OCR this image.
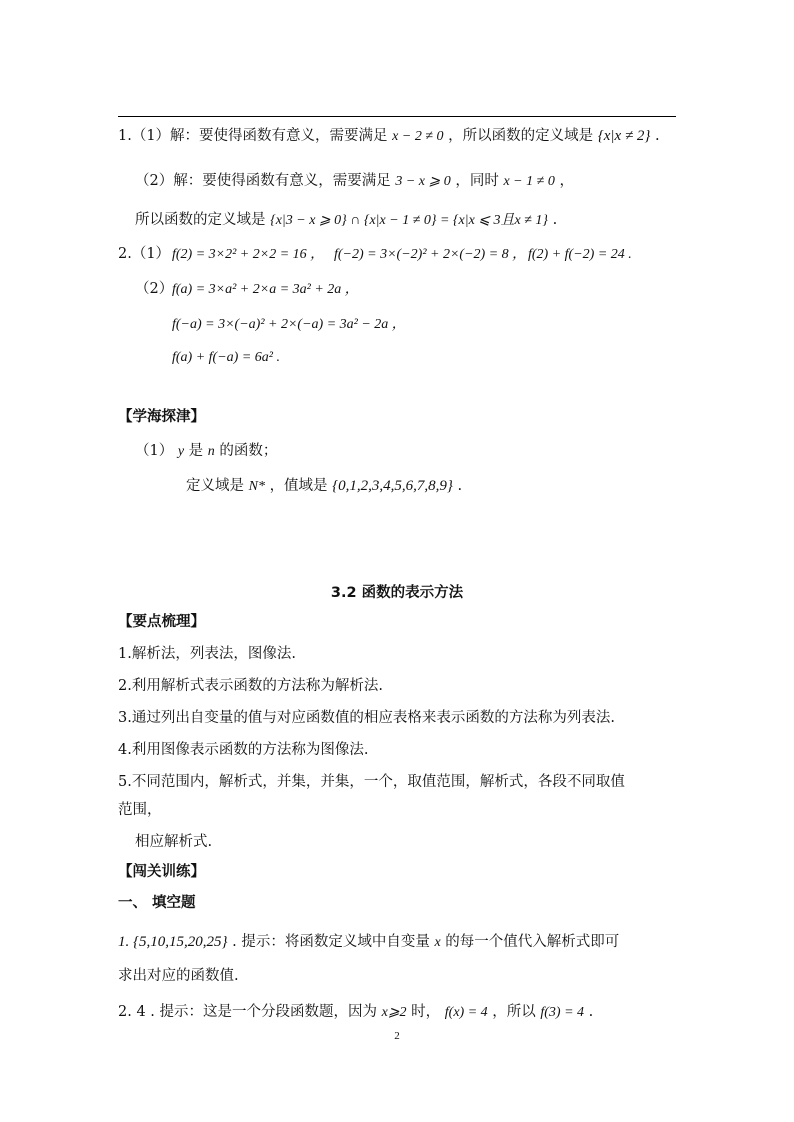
1.（1）解：要使得函数有意义，需要满足 x − 2 ≠ 0 ，所以函数的定义域是 {x|x ≠ 2} .
（2）解：要使得函数有意义，需要满足 3 − x ⩾ 0 ，同时 x − 1 ≠ 0 ，
所以函数的定义域是 {x|3 − x ⩾ 0} ∩ {x|x − 1 ≠ 0} = {x|x ⩽ 3且x ≠ 1} .
2.（1） f(2) = 3×2² + 2×2 = 16 ， f(−2) = 3×(−2)² + 2×(−2) = 8 ， f(2) + f(−2) = 24 .
（2）
f(a) = 3×a² + 2×a = 3a² + 2a ，
f(−a) = 3×(−a)² + 2×(−a) = 3a² − 2a ，
f(a) + f(−a) = 6a² .
【学海探津】
（1） y 是 n 的函数；
定义域是 N* ，值域是 {0,1,2,3,4,5,6,7,8,9} .
3.2 函数的表示方法
【要点梳理】
1.解析法，列表法，图像法.
2.利用解析式表示函数的方法称为解析法.
3.通过列出自变量的值与对应函数值的相应表格来表示函数的方法称为列表法.
4.利用图像表示函数的方法称为图像法.
5.不同范围内，解析式，并集，并集，一个，取值范围，解析式，各段不同取值
范围，
相应解析式.
【闯关训练】
一、 填空题
1. {5,10,15,20,25} . 提示：将函数定义域中自变量 x 的每一个值代入解析式即可
求出对应的函数值.
2. 4 . 提示：这是一个分段函数题，因为 x⩾2 时， f(x) = 4 ，所以 f(3) = 4 .
2
